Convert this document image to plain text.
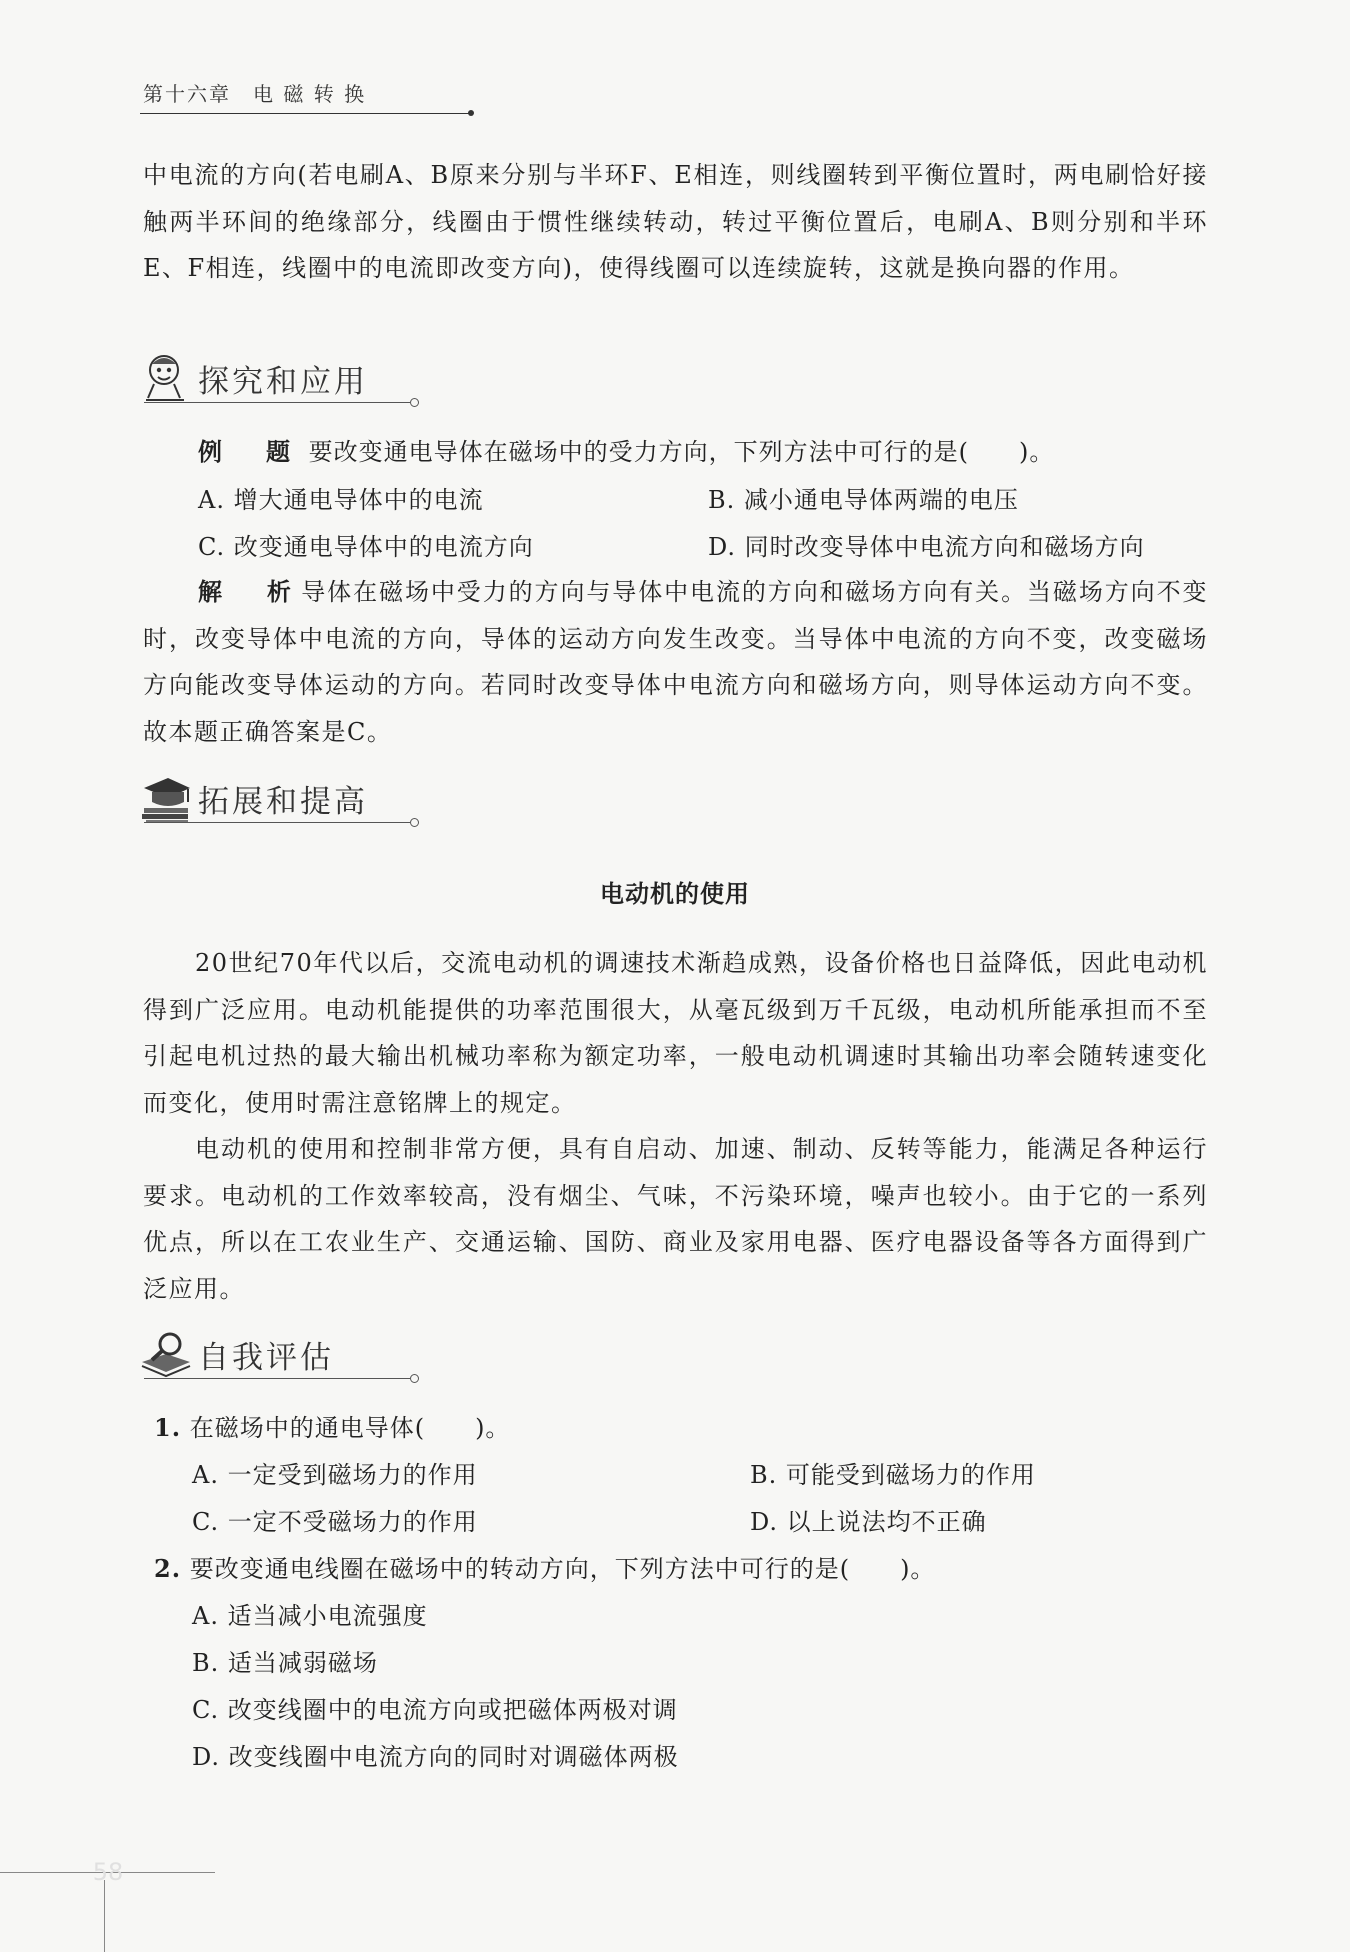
第十六章　电 磁 转 换

中电流的方向(若电刷A、B原来分别与半环F、E相连，则线圈转到平衡位置时，两电刷恰好接触两半环间的绝缘部分，线圈由于惯性继续转动，转过平衡位置后，电刷A、B则分别和半环E、F相连，线圈中的电流即改变方向)，使得线圈可以连续旋转，这就是换向器的作用。

探究和应用
例　题 要改变通电导体在磁场中的受力方向，下列方法中可行的是(　　)。
A. 增大通电导体中的电流	B. 减小通电导体两端的电压
C. 改变通电导体中的电流方向	D. 同时改变导体中电流方向和磁场方向

解　析导体在磁场中受力的方向与导体中电流的方向和磁场方向有关。当磁场方向不变时，改变导体中电流的方向，导体的运动方向发生改变。当导体中电流的方向不变，改变磁场方向能改变导体运动的方向。若同时改变导体中电流方向和磁场方向，则导体运动方向不变。故本题正确答案是C。

拓展和提高
电动机的使用

20世纪70年代以后，交流电动机的调速技术渐趋成熟，设备价格也日益降低，因此电动机得到广泛应用。电动机能提供的功率范围很大，从毫瓦级到万千瓦级，电动机所能承担而不至引起电机过热的最大输出机械功率称为额定功率，一般电动机调速时其输出功率会随转速变化而变化，使用时需注意铭牌上的规定。

电动机的使用和控制非常方便，具有自启动、加速、制动、反转等能力，能满足各种运行要求。电动机的工作效率较高，没有烟尘、气味，不污染环境，噪声也较小。由于它的一系列优点，所以在工农业生产、交通运输、国防、商业及家用电器、医疗电器设备等各方面得到广泛应用。

自我评估
1. 在磁场中的通电导体(　　)。
A. 一定受到磁场力的作用	B. 可能受到磁场力的作用
C. 一定不受磁场力的作用	D. 以上说法均不正确
2. 要改变通电线圈在磁场中的转动方向，下列方法中可行的是(　　)。
A. 适当减小电流强度
B. 适当减弱磁场
C. 改变线圈中的电流方向或把磁体两极对调
D. 改变线圈中电流方向的同时对调磁体两极
58
